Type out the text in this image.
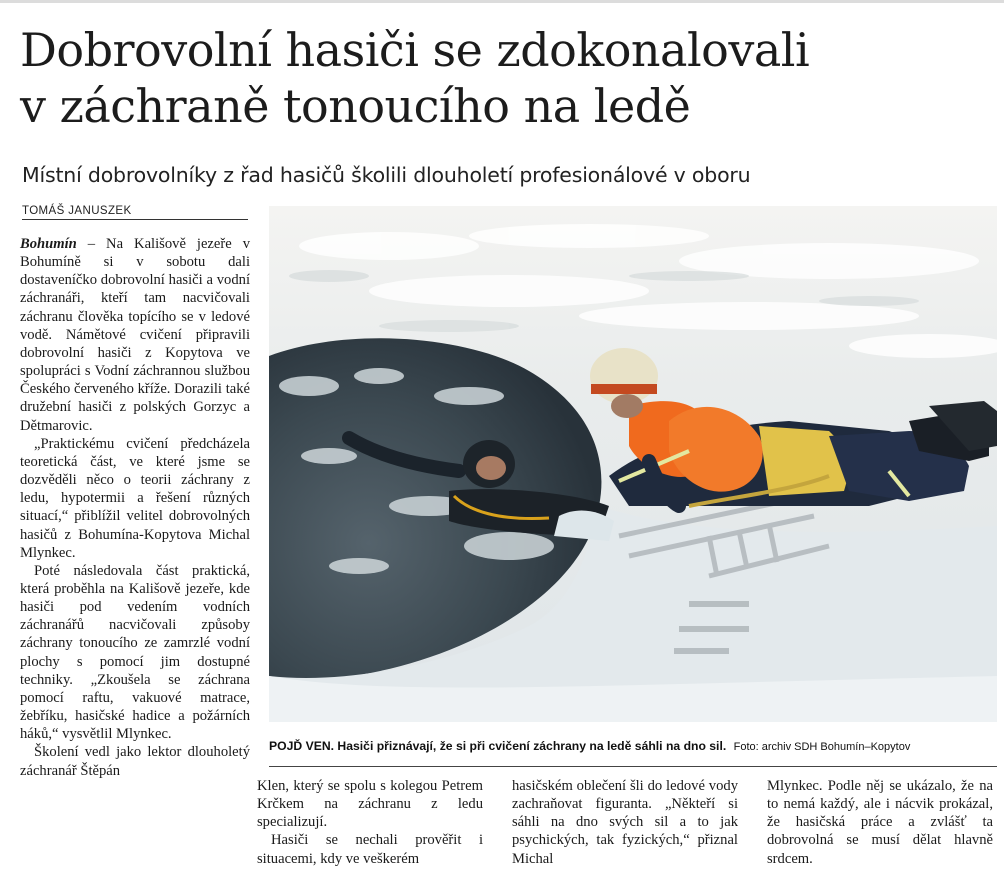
Dobrovolní hasiči se zdokonalovali
v záchraně tonoucího na ledě

Místní dobrovolníky z řad hasičů školili dlouholetí profesionálové v oboru

TOMÁŠ JANUSZEK

Bohumín – Na Kališově jezeře v Bohumíně si v sobotu dali dostaveníčko dobrovolní hasiči a vodní záchranáři, kteří tam nacvičovali záchranu člověka topícího se v ledové vodě. Námětové cvičení připravili dobrovolní hasiči z Kopytova ve spolupráci s Vodní záchrannou službou Českého červeného kříže. Dorazili také družební hasiči z polských Gorzyc a Dětmarovic.

„Praktickému cvičení předcházela teoretická část, ve které jsme se dozvěděli něco o teorii záchrany z ledu, hypotermii a řešení různých situací,“ přiblížil velitel dobrovolných hasičů z Bohumína-Kopytova Michal Mlynkec.

Poté následovala část praktická, která proběhla na Kališově jezeře, kde hasiči pod vedením vodních záchranářů nacvičovali způsoby záchrany tonoucího ze zamrzlé vodní plochy s pomocí jim dostupné techniky. „Zkoušela se záchrana pomocí raftu, vakuové matrace, žebříku, hasičské hadice a požárních háků,“ vysvětlil Mlynkec.

Školení vedl jako lektor dlouholetý záchranář Štěpán

POJĎ VEN. Hasiči přiznávají, že si při cvičení záchrany na ledě sáhli na dno sil. Foto: archiv SDH Bohumín–Kopytov

Klen, který se spolu s kolegou Petrem Krčkem na záchranu z ledu specializují.

Hasiči se nechali prověřit i situacemi, kdy ve veškerém

hasičském oblečení šli do ledové vody zachraňovat figuranta. „Někteří si sáhli na dno svých sil a to jak psychických, tak fyzických,“ přiznal Michal

Mlynkec. Podle něj se ukázalo, že na to nemá každý, ale i nácvik prokázal, že hasičská práce a zvlášť ta dobrovolná se musí dělat hlavně srdcem.
